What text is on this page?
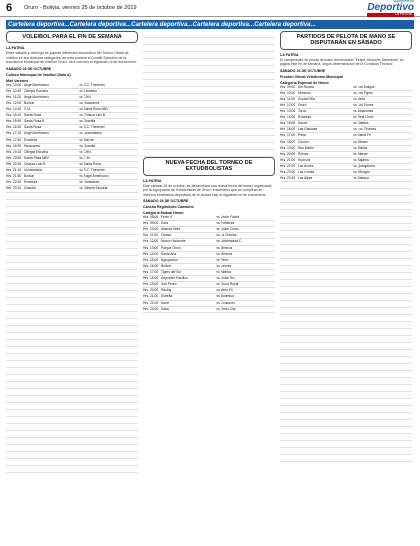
6	Oruro - Bolivia, viernes 25 de octubre de 2019
Suplemento
Deportivo
LA PATRIA
Cartelera deportiva...Cartelera deportiva...Cartelera deportiva...Cartelera deportiva...Cartelera deportiva...
VOLEIBOL PARA EL FIN DE SEMANA
LA PATRIA
Entre sábado y domingo se jugarán diferentes encuentros del Torneo Oficial de voleibol en sus diversas categorías, de esta manera el Comité Ejecutivo de la Asociación Municipal de Voleibol Oruro, da a conocer el siguiente rol de encuentros:
SÁBADO 26 DE OCTUBRE
Coliseo Municipal de Voleibol (Sala A)
Mini Varones
Hrs. 10:00 Ángel Americano	vs S.C. Thevenet
Hrs. 10:40 Olimpia Escuela	vs Excelsior
Hrs. 11:20 Ángel Americano	vs CHN
Hrs. 12:00 Bolívar	vs Huracanes
Hrs. 14:30 C.M.	vs Santa Rosa NBV
Hrs. 15:10 Santa Rosa	vs Chasca Lalo B
Hrs. 15:50 Santa Rosa B	vs Guardia
Hrs. 16:30 Santa Rosa	vs S.C. Thevenet
Hrs. 17:10 Ángel Americano	vs Universitario
Hrs. 17:50 Excelsior	vs Bolívar
Hrs. 18:30 Huracanes	vs Guardia
Hrs. 19:10 Olimpia Escuela	vs CHN
Hrs. 19:50 Santa Rosa NBV	vs C.M.
Hrs. 20:30 Chasca Lalo B	vs Santa Rosa
Hrs. 21:10 Universitario	vs S.C. Thevenet
Hrs. 21:50 Bolívar	vs Ángel Americano
Hrs. 22:30 Excelsior	vs Huracanes
Hrs. 23:10 Guardia	vs Olimpia Escuela
NUEVA FECHA DEL TORNEO DE EXTUDBOLISTAS
LA PATRIA
Este sábado 26 de octubre, se desarrollará una nueva fecha del torneo organizado por la Agrupación de Extutbolistas de Oruro, encuentros que se cumplirán en diversos escenarios deportivos de la ciudad bajo el siguiente rol de encuentros:
SÁBADO 26 DE OCTUBRE
Cancha Regimiento Camacho
Categoría Mutual Honor
Hrs. 08:00 Fénix II	vs Unión Fútbol
Hrs. 09:00 Dota	vs Fortaleza
Hrs. 10:00 Alianza Vinto	vs Unión Crosu
Hrs. 11:00 Ciriaco	vs La Chimba
Hrs. 12:00 Nuevo Horizonte	vs Universidad C
Hrs. 13:00 Parque Oruro	vs Mineros
Hrs. 14:00 Santa Ana	vs Minerva
Hrs. 15:00 Agrupación	vs Fénix
Hrs. 16:00 Bolívar	vs Leones
Hrs. 17:00 Tigres del Sur	vs Atlético
Hrs. 18:00 Deportivo Pacífico	vs Unión Sur
Hrs. 19:00 San Pedro	vs Oruro Royal
Hrs. 20:00 Racing	vs Vinto FC
Hrs. 21:00 Estrella	vs Juventud
Hrs. 22:00 Norte	vs Cóndores
Hrs. 23:00 Saba	vs Oruro City
PARTIDOS DE PELOTA DE MANO SE DISPUTARÁN EN SÁBADO
LA PATRIA
El campeonato de pelota de mano denominado "Felipe Yanyaver Sarmiento" se jugará este fin de semana, según determinación de la Comisión Técnica:
SÁBADO 26 DE OCTUBRE
Frontón Oficial Velódromo Municipal
Categoría Especial de Honor
Hrs. 09:00 Sin Rumbo	vs Los Amigos
Hrs. 10:00 Morenos	vs Los Tigres
Hrs. 11:00 Ciudad Mia	vs Vinto
Hrs. 12:00 Oruro	vs Los Tomas
Hrs. 13:00 Toros	vs Amazonas
Hrs. 14:00 Excelsior	vs Real Oruro
Hrs. 15:00 Sauce	vs Diablos
Hrs. 16:00 Las Gaviotas	vs Los Charcas
Hrs. 17:00 Paria	vs Santa Fe
Hrs. 18:00 Cóndor	vs Illimani
Hrs. 19:00 San Martín	vs Bolivia
Hrs. 20:00 Pumas	vs Atenas
Hrs. 21:00 Huanuni	vs Sajama
Hrs. 22:00 Los Andes	vs Quirquincho
Hrs. 23:00 Las Lomas	vs Vikingos
Hrs. 23:30 Los Alpes	vs Sabaya
